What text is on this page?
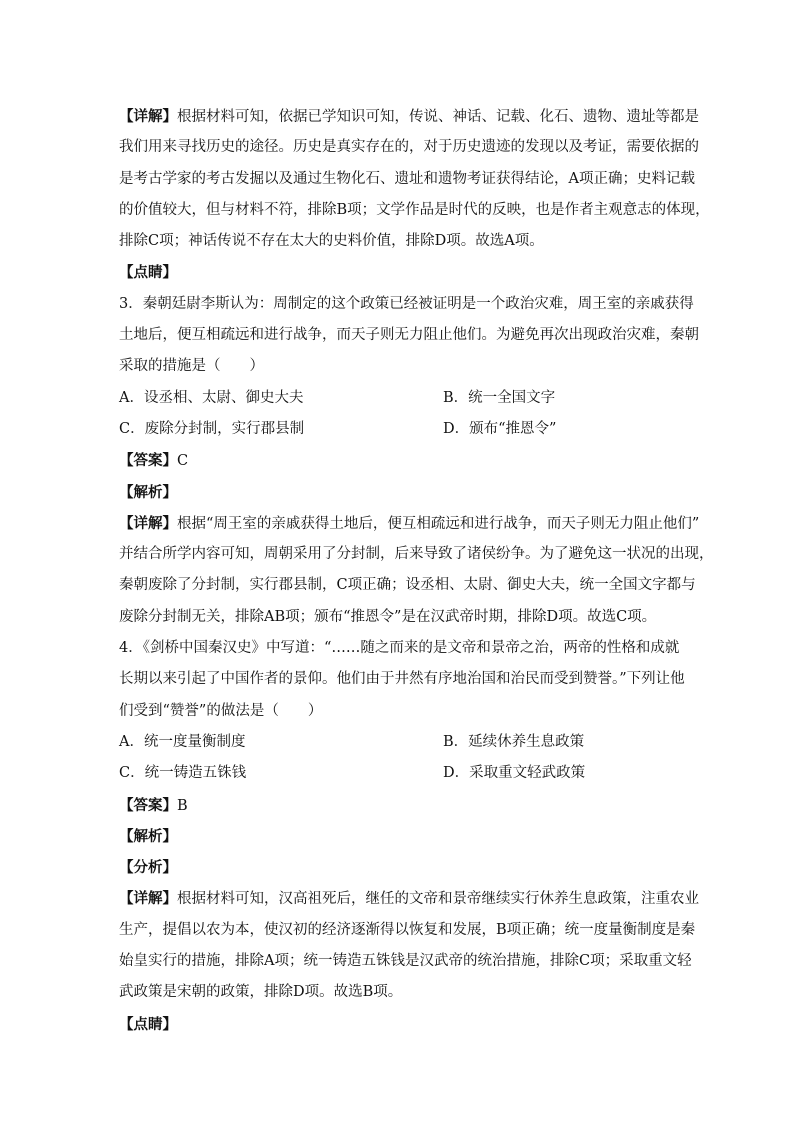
【详解】根据材料可知，依据已学知识可知，传说、神话、记载、化石、遗物、遗址等都是
我们用来寻找历史的途径。历史是真实存在的，对于历史遗迹的发现以及考证，需要依据的
是考古学家的考古发掘以及通过生物化石、遗址和遗物考证获得结论，A项正确；史料记载
的价值较大，但与材料不符，排除B项；文学作品是时代的反映，也是作者主观意志的体现，
排除C项；神话传说不存在太大的史料价值，排除D项。故选A项。
【点睛】
3．秦朝廷尉李斯认为：周制定的这个政策已经被证明是一个政治灾难，周王室的亲戚获得
土地后，便互相疏远和进行战争，而天子则无力阻止他们。为避免再次出现政治灾难，秦朝
采取的措施是（　　）
A．设丞相、太尉、御史大夫	B．统一全国文字
C．废除分封制，实行郡县制	D．颁布“推恩令”
【答案】C
【解析】
【详解】根据“周王室的亲戚获得土地后，便互相疏远和进行战争，而天子则无力阻止他们”
并结合所学内容可知，周朝采用了分封制，后来导致了诸侯纷争。为了避免这一状况的出现，
秦朝废除了分封制，实行郡县制，C项正确；设丞相、太尉、御史大夫，统一全国文字都与
废除分封制无关，排除AB项；颁布“推恩令”是在汉武帝时期，排除D项。故选C项。
4．《剑桥中国秦汉史》中写道：“……随之而来的是文帝和景帝之治，两帝的性格和成就
长期以来引起了中国作者的景仰。他们由于井然有序地治国和治民而受到赞誉。”下列让他
们受到“赞誉”的做法是（　　）
A．统一度量衡制度	B．延续休养生息政策
C．统一铸造五铢钱	D．采取重文轻武政策
【答案】B
【解析】
【分析】
【详解】根据材料可知，汉高祖死后，继任的文帝和景帝继续实行休养生息政策，注重农业
生产，提倡以农为本，使汉初的经济逐渐得以恢复和发展，B项正确；统一度量衡制度是秦
始皇实行的措施，排除A项；统一铸造五铢钱是汉武帝的统治措施，排除C项；采取重文轻
武政策是宋朝的政策，排除D项。故选B项。
【点睛】
